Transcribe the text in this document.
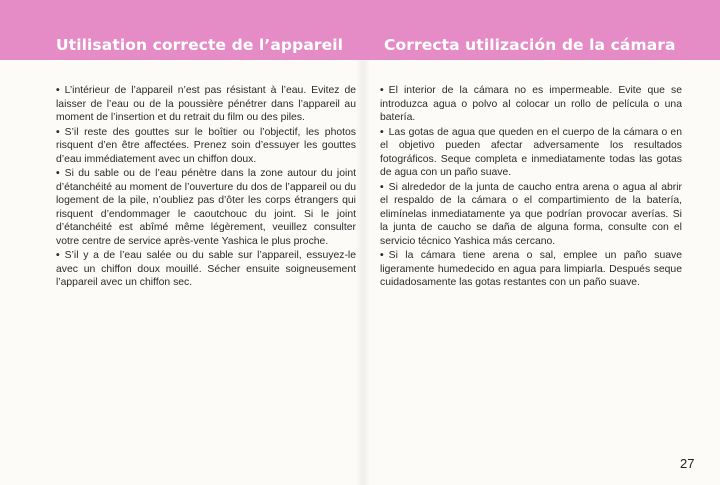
Utilisation correcte de l’appareil	Correcta utilización de la cámara

• L’intérieur de l’appareil n’est pas résistant à l’eau. Evitez de laisser de l’eau ou de la poussière pénétrer dans l’appareil au moment de l’insertion et du retrait du film ou des piles.

• S’il reste des gouttes sur le boîtier ou l’objectif, les photos risquent d’en être affectées. Prenez soin d’essuyer les gouttes d’eau immédiatement avec un chiffon doux.

• Si du sable ou de l’eau pénètre dans la zone autour du joint d’étanchéité au moment de l’ouverture du dos de l’appareil ou du logement de la pile, n’oubliez pas d’ôter les corps étrangers qui risquent d’endommager le caoutchouc du joint. Si le joint d’étanchéité est abîmé même légèrement, veuillez consulter votre centre de service après-vente Yashica le plus proche.

• S’il y a de l’eau salée ou du sable sur l’appareil, essuyez-le avec un chiffon doux mouillé. Sécher ensuite soigneusement l’appareil avec un chiffon sec.

• El interior de la cámara no es impermeable. Evite que se introduzca agua o polvo al colocar un rollo de película o una batería.

• Las gotas de agua que queden en el cuerpo de la cámara o en el objetivo pueden afectar adversamente los resultados fotográficos. Seque completa e inmediatamente todas las gotas de agua con un paño suave.

• Si alrededor de la junta de caucho entra arena o agua al abrir el respaldo de la cámara o el compartimiento de la batería, elimínelas inmediatamente ya que podrían provocar averías. Si la junta de caucho se daña de alguna forma, consulte con el servicio técnico Yashica más cercano.

• Si la cámara tiene arena o sal, emplee un paño suave ligeramente humedecido en agua para limpiarla. Después seque cuidadosamente las gotas restantes con un paño suave.

27
